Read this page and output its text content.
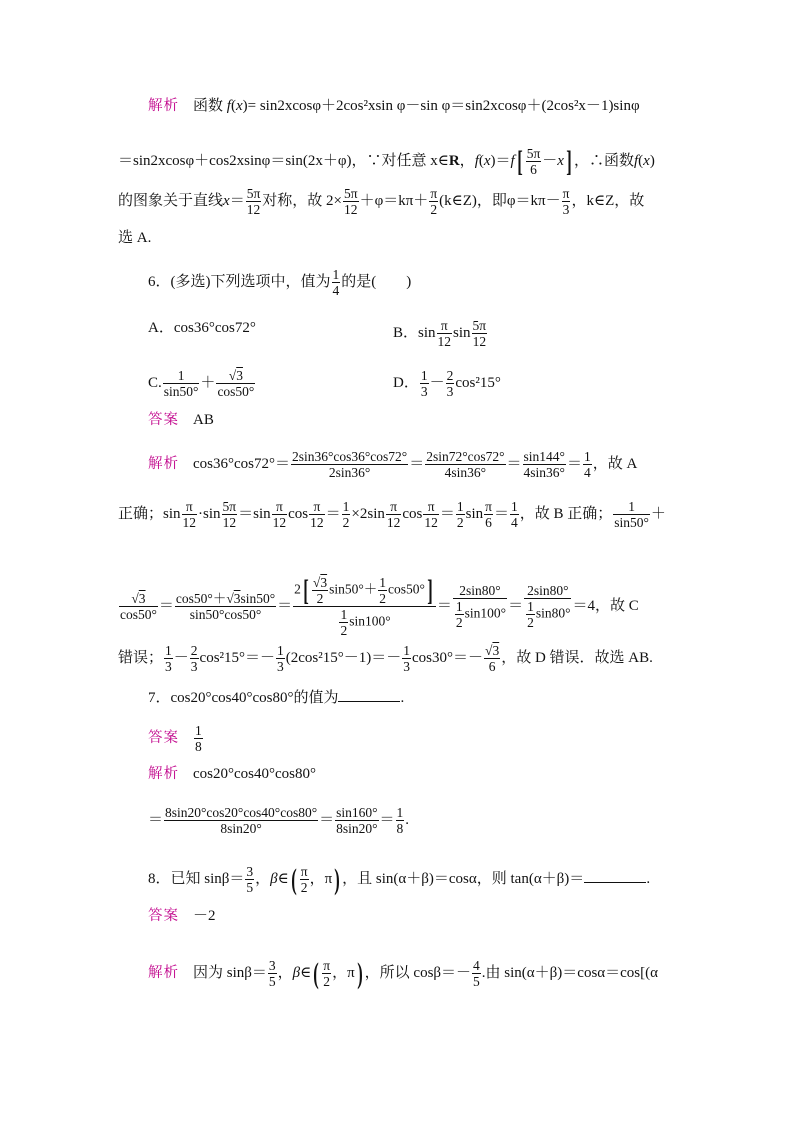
解析 函数 f(x)= sin2xcosφ＋2cos²xsin φ－sin φ＝sin2xcosφ＋(2cos²x－1)sinφ
＝sin2xcosφ＋cos2xsinφ＝sin(2x＋φ)，∵对任意 x∈R，$f(x)=f[ \frac{5\pi}{6} -x]$ ，∴函数f(x)
的图象关于直线$x= \frac{5\pi}{12}$ 对称，故 $2\times \frac{5\pi}{12} +\varphi=k\pi+ \frac{\pi}{2}$ (k∈Z)，即$\varphi=k\pi- \frac{\pi}{3}$ ，k∈Z，故
选 A.
6．(多选)下列选项中，值为 $\frac{1}{4}$ 的是(　　)
A．cos36°cos72°	B．$\sin \frac{\pi}{12}$ $\sin \frac{5\pi}{12}$
C. $\frac{1}{\sin 50^\circ} + \frac{√3}{\cos 50^\circ}$	D． $\frac{1}{3} - \frac{2}{3} \cos^215^\circ$
答案 AB
解析 $\cos 36^\circ\cos 72^\circ= \frac{2\sin 36^\circ\cos 36^\circ\cos 72^\circ}{2\sin 36^\circ} = \frac{2\sin 72^\circ\cos 72^\circ}{4\sin 36^\circ} = \frac{\sin 144^\circ}{4\sin 36^\circ} = \frac{1}{4}$ ，故 A
正确；$\sin \frac{\pi}{12} \cdot\sin \frac{5\pi}{12} =\sin \frac{\pi}{12}$ $\cos \frac{\pi}{12} = \frac{1}{2} \times 2\sin \frac{\pi}{12}$ $\cos \frac{\pi}{12} = \frac{1}{2}$ $\sin \frac{\pi}{6} = \frac{1}{4}$ ，故 B 正确； $\frac{1}{\sin 50^\circ}$ ＋
$\frac{√3}{\cos 50^\circ} = \frac{\cos 50^\circ+√3\sin 50^\circ}{\sin 50^\circ\cos 50^\circ} = \frac{2[ \frac{√3}{2} \sin 50^\circ+ \frac{1}{2} \cos 50^\circ]}{\frac{1}{2} \sin 100^\circ} = \frac{2\sin 80^\circ}{\frac{1}{2} \sin 100^\circ} = \frac{2\sin 80^\circ}{\frac{1}{2} \sin 80^\circ} =4$，故 C
错误； $\frac{1}{3} - \frac{2}{3} \cos^215^\circ=- \frac{1}{3} (2\cos^215^\circ-1)=- \frac{1}{3} \cos 30^\circ=- \frac{√3}{6}$ ，故 D 错误．故选 AB.
7．cos20°cos40°cos80°的值为	.
答案 $\frac{1}{8}$
解析 cos20°cos40°cos80°
＝ $\frac{8\sin 20^\circ\cos 20^\circ\cos 40^\circ\cos 80^\circ}{8\sin 20^\circ} = \frac{\sin 160^\circ}{8\sin 20^\circ} = \frac{1}{8}$ .
8．已知 $\sin\beta= \frac{3}{5}$ ，β∈( $\frac{\pi}{2}$ ，π) ，且 sin(α＋β)＝cosα，则 tan(α＋β)＝	.
答案 －2
解析 因为 $\sin\beta= \frac{3}{5}$ ，β∈( $\frac{\pi}{2}$ ，π) ，所以 $\cos\beta=- \frac{4}{5}$ .由 sin(α＋β)＝cosα＝cos[(α
